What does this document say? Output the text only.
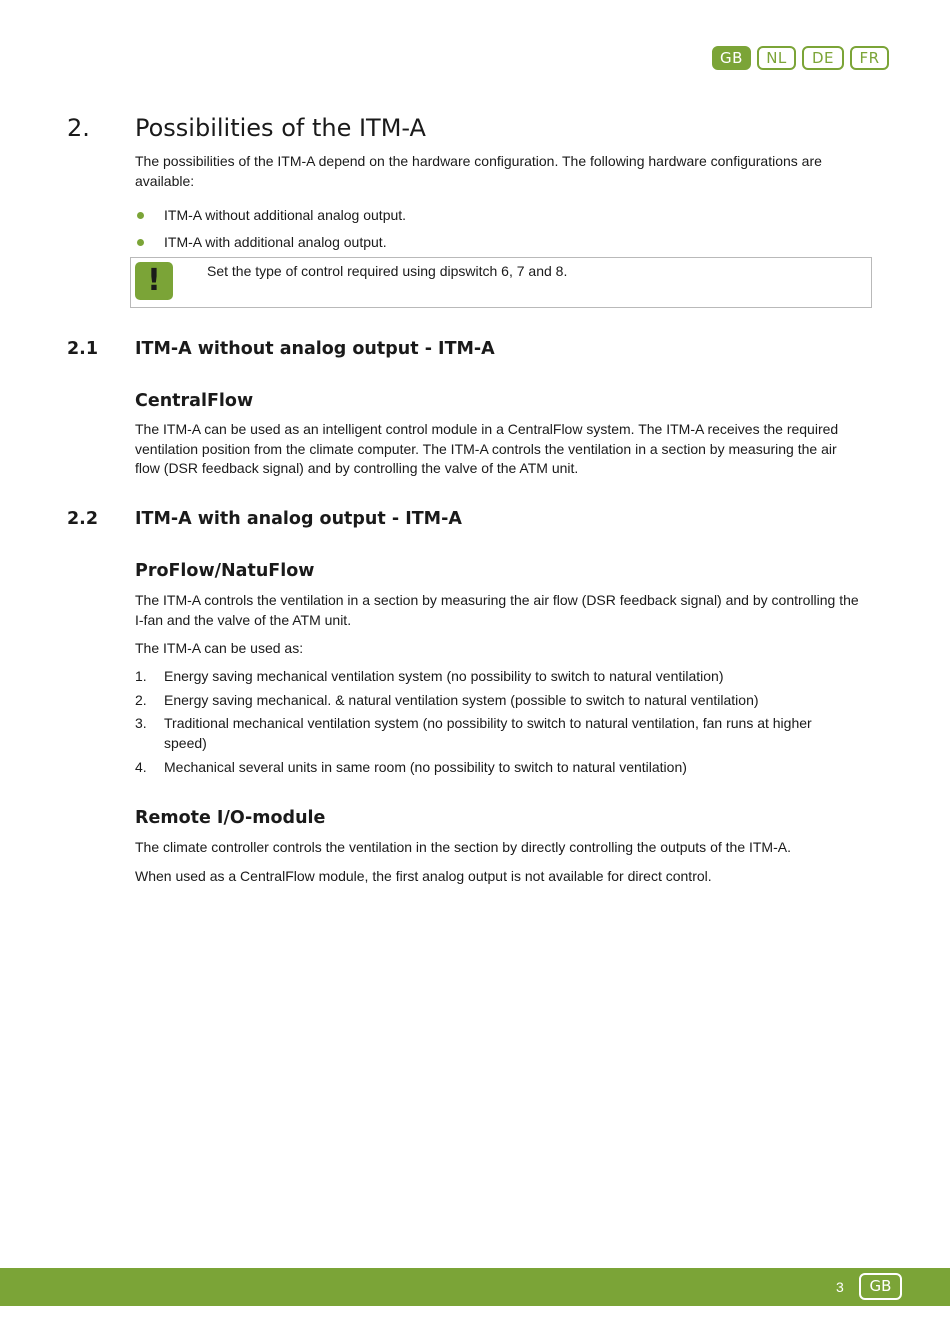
GB	NL	DE	FR
2. Possibilities of the ITM-A
The possibilities of the ITM-A depend on the hardware configuration. The following hardware configurations are available:
ITM-A without additional analog output.
ITM-A with additional analog output.
!	Set the type of control required using dipswitch 6, 7 and 8.
2.1 ITM-A without analog output - ITM-A
CentralFlow
The ITM-A can be used as an intelligent control module in a CentralFlow system. The ITM-A receives the required ventilation position from the climate computer. The ITM-A controls the ventilation in a section by measuring the air flow (DSR feedback signal) and by controlling the valve of the ATM unit.
2.2 ITM-A with analog output - ITM-A
ProFlow/NatuFlow
The ITM-A controls the ventilation in a section by measuring the air flow (DSR feedback signal) and by controlling the I-fan and the valve of the ATM unit.
The ITM-A can be used as:
1. Energy saving mechanical ventilation system (no possibility to switch to natural ventilation)
2. Energy saving mechanical. & natural ventilation system (possible to switch to natural ventilation)
3. Traditional mechanical ventilation system (no possibility to switch to natural ventilation, fan runs at higher speed)
4. Mechanical several units in same room (no possibility to switch to natural ventilation)
Remote I/O-module
The climate controller controls the ventilation in the section by directly controlling the outputs of the ITM-A.
When used as a CentralFlow module, the first analog output is not available for direct control.
3	GB
